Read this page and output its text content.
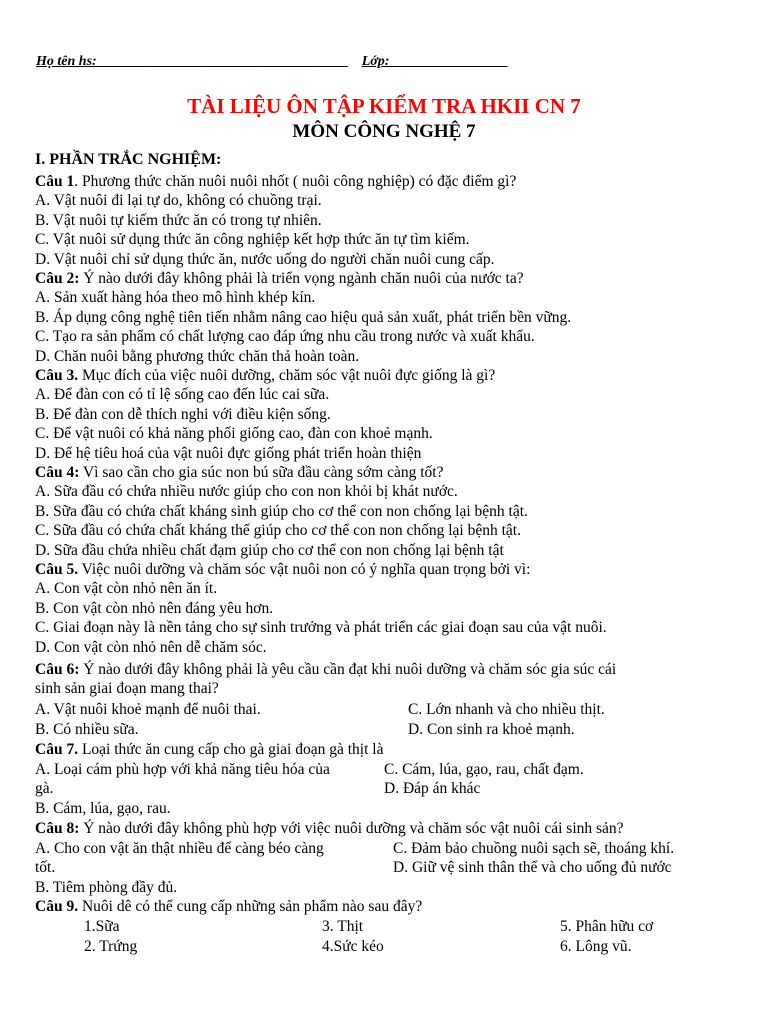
Họ tên hs:____________________________________ Lớp:_________________
TÀI LIỆU ÔN TẬP KIỂM TRA HKII CN 7
MÔN CÔNG NGHỆ 7
I. PHẦN TRẮC NGHIỆM:
Câu 1. Phương thức chăn nuôi nuôi nhốt ( nuôi công nghiệp) có đặc điểm gì?
A. Vật nuôi đi lại tự do, không có chuồng trại.
B. Vật nuôi tự kiếm thức ăn có trong tự nhiên.
C. Vật nuôi sử dụng thức ăn công nghiệp kết hợp thức ăn tự tìm kiếm.
D. Vật nuôi chỉ sử dụng thức ăn, nước uống do người chăn nuôi cung cấp.
Câu 2: Ý nào dưới đây không phải là triển vọng ngành chăn nuôi của nước ta?
A. Sản xuất hàng hóa theo mô hình khép kín.
B. Áp dụng công nghệ tiên tiến nhằm nâng cao hiệu quả sản xuất, phát triển bền vững.
C. Tạo ra sản phẩm có chất lượng cao đáp ứng nhu cầu trong nước và xuất khẩu.
D. Chăn nuôi bằng phương thức chăn thả hoàn toàn.
Câu 3. Mục đích của việc nuôi dưỡng, chăm sóc vật nuôi đực giống là gì?
A. Để đàn con có tỉ lệ sống cao đến lúc cai sữa.
B. Để đàn con dễ thích nghi với điều kiện sống.
C. Để vật nuôi có khả năng phối giống cao, đàn con khoẻ mạnh.
D. Để hệ tiêu hoá của vật nuôi đực giống phát triển hoàn thiện
Câu 4: Vì sao cần cho gia súc non bú sữa đầu càng sớm càng tốt?
A. Sữa đầu có chứa nhiều nước giúp cho con non khỏi bị khát nước.
B. Sữa đầu có chứa chất kháng sinh giúp cho cơ thể con non chống lại bệnh tật.
C. Sữa đầu có chứa chất kháng thể giúp cho cơ thể con non chống lại bệnh tật.
D. Sữa đầu chứa nhiều chất đạm giúp cho cơ thể con non chống lại bệnh tật
Câu 5. Việc nuôi dưỡng và chăm sóc vật nuôi non có ý nghĩa quan trọng bởi vì:
A. Con vật còn nhỏ nên ăn ít.
B. Con vật còn nhỏ nên đáng yêu hơn.
C. Giai đoạn này là nền tảng cho sự sinh trưởng và phát triển các giai đoạn sau của vật nuôi.
D. Con vật còn nhỏ nên dễ chăm sóc.
Câu 6: Ý nào dưới đây không phải là yêu cầu cần đạt khi nuôi dưỡng và chăm sóc gia súc cái
sinh sản giai đoạn mang thai?
A. Vật nuôi khoẻ mạnh để nuôi thai.	C. Lớn nhanh và cho nhiều thịt.
B. Có nhiều sữa.	D. Con sinh ra khoẻ mạnh.
Câu 7. Loại thức ăn cung cấp cho gà giai đoạn gà thịt là
A. Loại cám phù hợp với khả năng tiêu hóa của	C. Cám, lúa, gạo, rau, chất đạm.
gà.	D. Đáp án khác
B. Cám, lúa, gạo, rau.
Câu 8: Ý nào dưới đây không phù hợp với việc nuôi dưỡng và chăm sóc vật nuôi cái sinh sản?
A. Cho con vật ăn thật nhiều để càng béo càng	C. Đảm bảo chuồng nuôi sạch sẽ, thoáng khí.
tốt.	D. Giữ vệ sinh thân thể và cho uống đủ nước
B. Tiêm phòng đầy đủ.
Câu 9. Nuôi dê có thể cung cấp những sản phẩm nào sau đây?
1.Sữa	3. Thịt	5. Phân hữu cơ
2. Trứng	4.Sức kéo	6. Lông vũ.
